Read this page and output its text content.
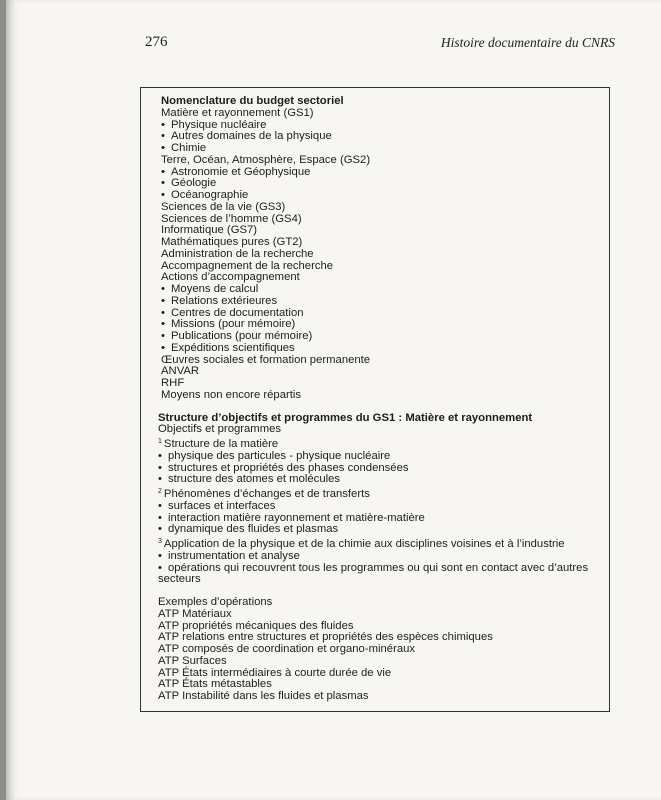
276	Histoire documentaire du CNRS
Nomenclature du budget sectoriel
Matière et rayonnement (GS1)
• Physique nucléaire
• Autres domaines de la physique
• Chimie
Terre, Océan, Atmosphère, Espace (GS2)
• Astronomie et Géophysique
• Géologie
• Océanographie
Sciences de la vie (GS3)
Sciences de l’homme (GS4)
Informatique (GS7)
Mathématiques pures (GT2)
Administration de la recherche
Accompagnement de la recherche
Actions d’accompagnement
• Moyens de calcul
• Relations extérieures
• Centres de documentation
• Missions (pour mémoire)
• Publications (pour mémoire)
• Expéditions scientifiques
Œuvres sociales et formation permanente
ANVAR
RHF
Moyens non encore répartis
Structure d’objectifs et programmes du GS1 : Matière et rayonnement
Objectifs et programmes
$^1$ Structure de la matière
• physique des particules - physique nucléaire
• structures et propriétés des phases condensées
• structure des atomes et molécules
$^2$ Phénomènes d’échanges et de transferts
• surfaces et interfaces
• interaction matière rayonnement et matière-matière
• dynamique des fluides et plasmas
$^3$ Application de la physique et de la chimie aux disciplines voisines et à l’industrie
• instrumentation et analyse
• opérations qui recouvrent tous les programmes ou qui sont en contact avec d’autres secteurs
Exemples d’opérations
ATP Matériaux
ATP propriétés mécaniques des fluides
ATP relations entre structures et propriétés des espèces chimiques
ATP composés de coordination et organo-minéraux
ATP Surfaces
ATP États intermédiaires à courte durée de vie
ATP États métastables
ATP Instabilité dans les fluides et plasmas
